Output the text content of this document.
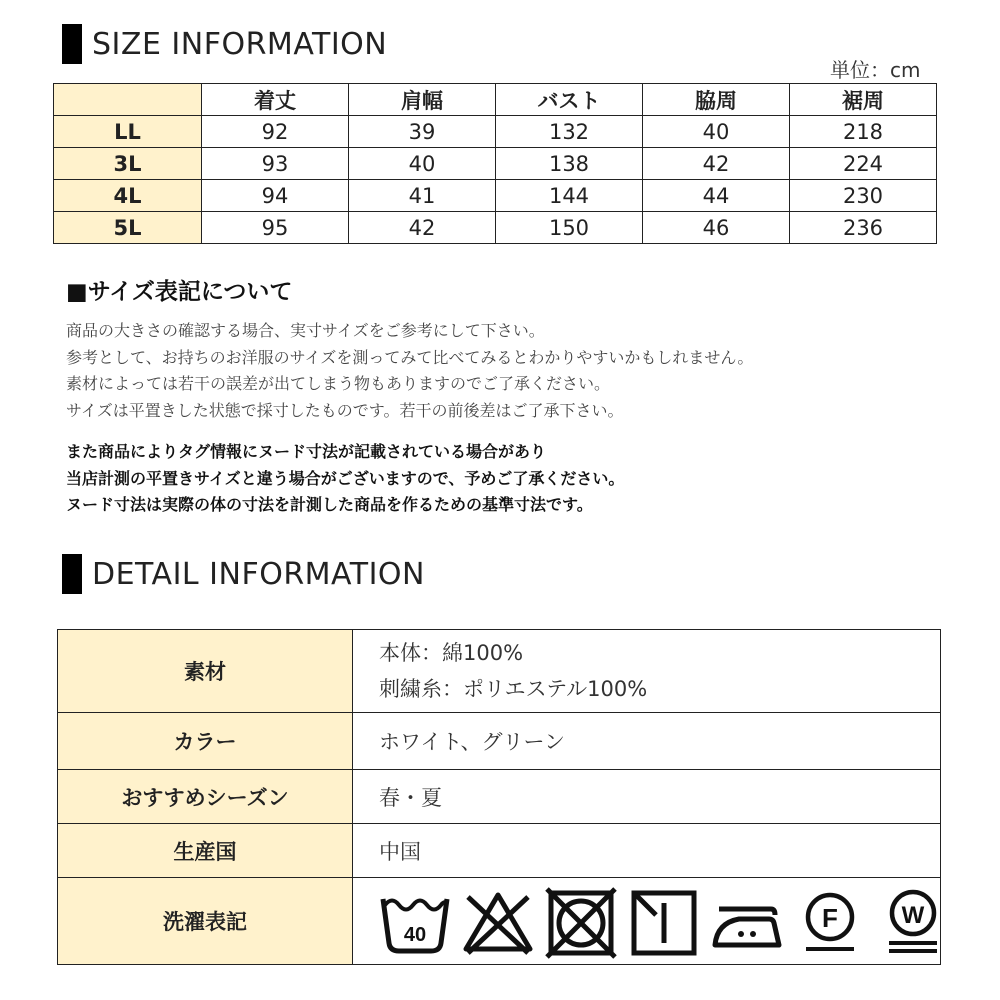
SIZE INFORMATION
単位：cm
	着丈	肩幅	バスト	脇周	裾周
LL	92	39	132	40	218
3L	93	40	138	42	224
4L	94	41	144	44	230
5L	95	42	150	46	236
■サイズ表記について
商品の大きさの確認する場合、実寸サイズをご参考にして下さい。
参考として、お持ちのお洋服のサイズを測ってみて比べてみるとわかりやすいかもしれません。
素材によっては若干の誤差が出てしまう物もありますのでご了承ください。
サイズは平置きした状態で採寸したものです。若干の前後差はご了承下さい。
また商品によりタグ情報にヌード寸法が記載されている場合があり
当店計測の平置きサイズと違う場合がございますので、予めご了承ください。
ヌード寸法は実際の体の寸法を計測した商品を作るための基準寸法です。
DETAIL INFORMATION
素材	本体：綿100%
刺繍糸：ポリエステル100%

カラー	ホワイト、グリーン
おすすめシーズン	春・夏
生産国	中国
洗濯表記	40
F W
